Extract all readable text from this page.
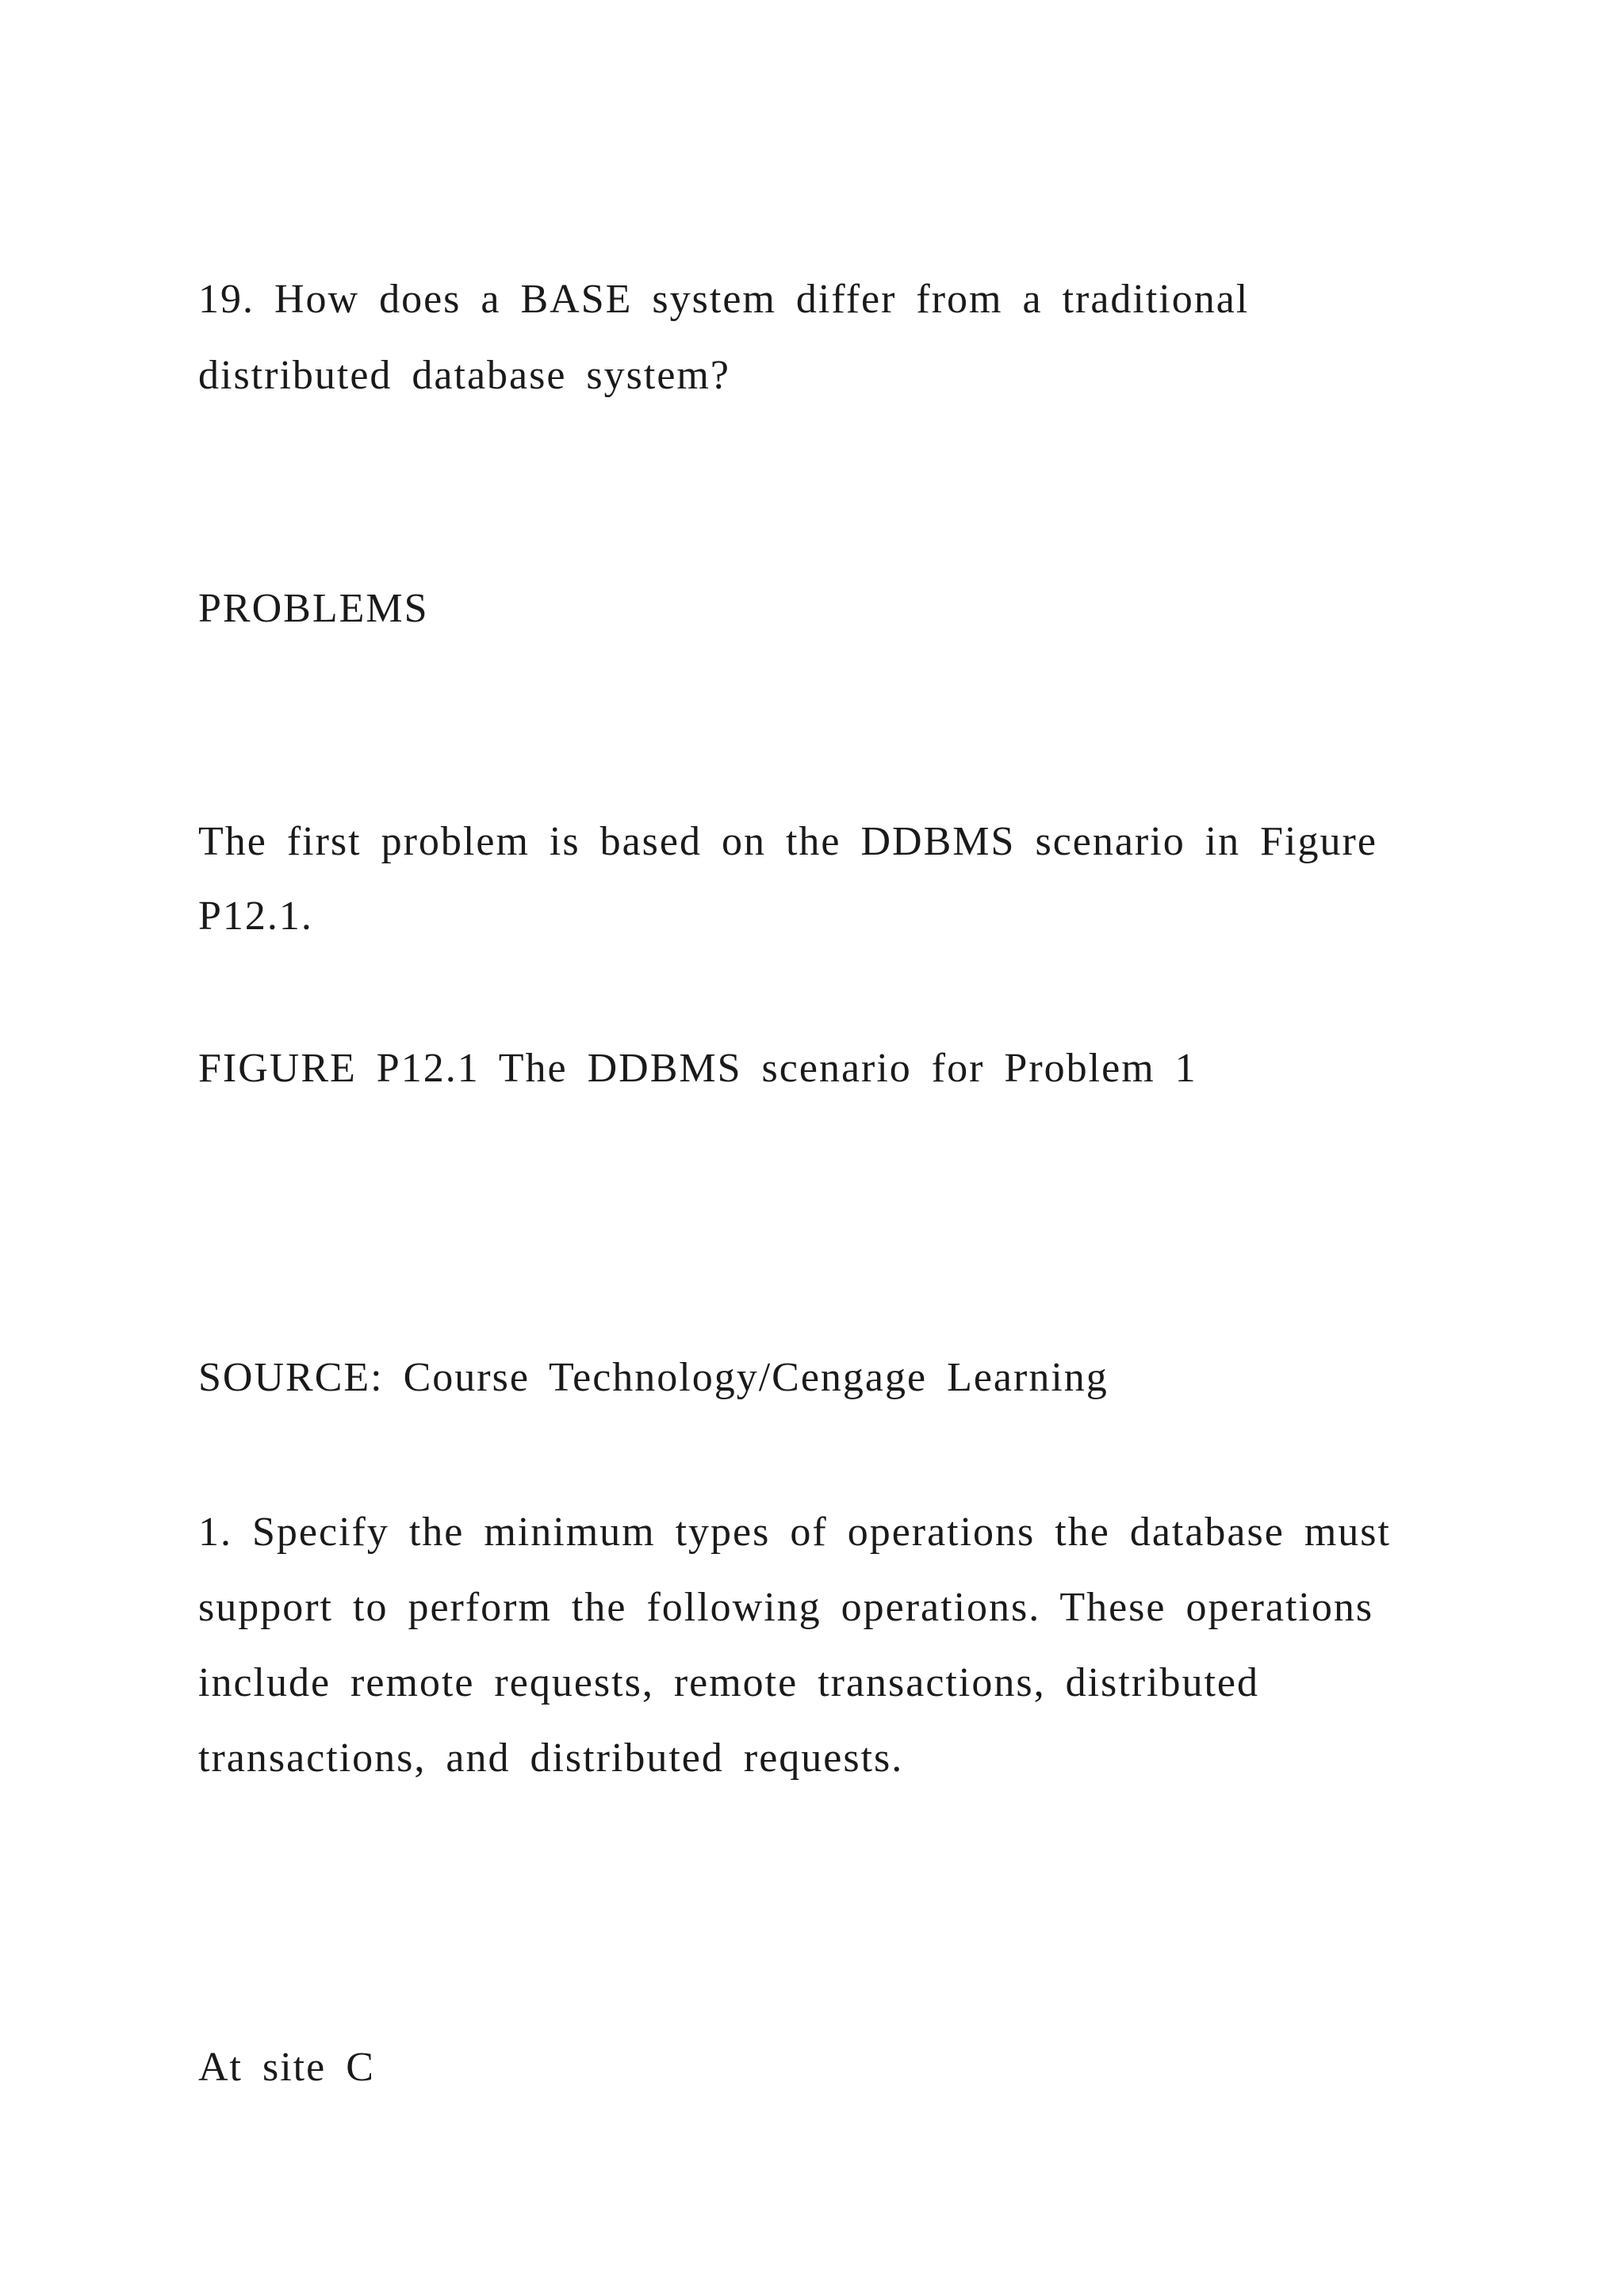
19. How does a BASE system differ from a traditional

distributed database system?

PROBLEMS

The first problem is based on the DDBMS scenario in Figure

P12.1.

FIGURE P12.1 The DDBMS scenario for Problem 1

SOURCE: Course Technology/Cengage Learning

1. Specify the minimum types of operations the database must

support to perform the following operations. These operations

include remote requests, remote transactions, distributed

transactions, and distributed requests.

At site C
